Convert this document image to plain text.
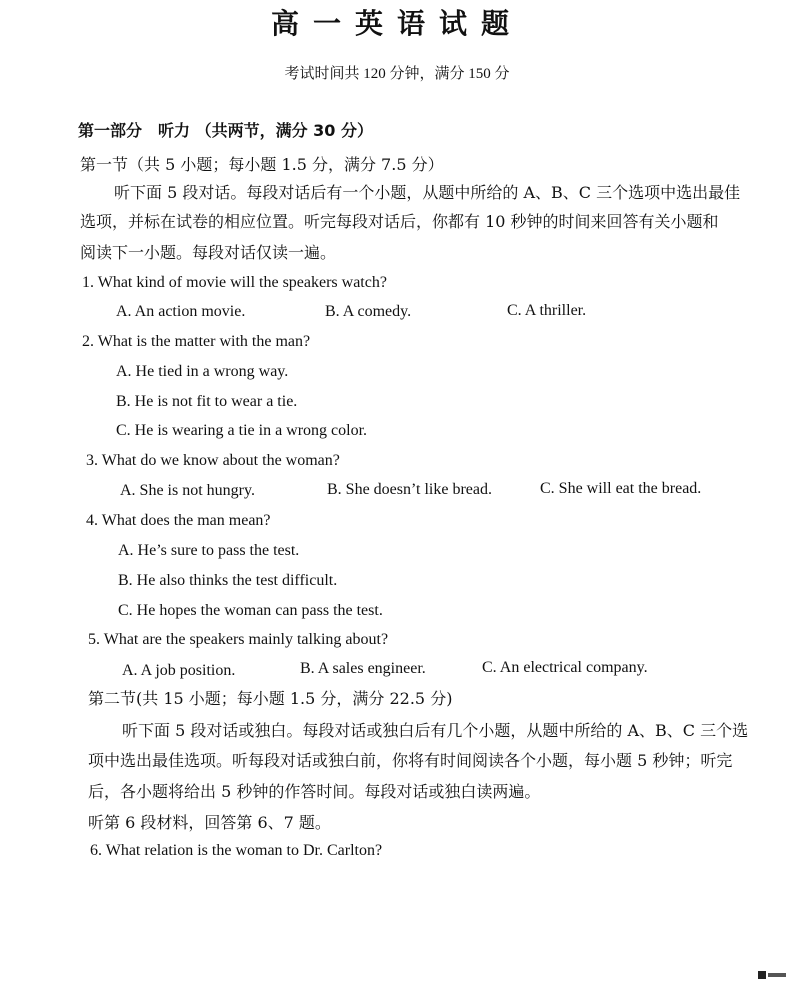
高一英语试题
考试时间共 120 分钟，满分 150 分
第一部分　听力 （共两节，满分 30 分）
第一节（共 5 小题；每小题 1.5 分，满分 7.5 分）
听下面 5 段对话。每段对话后有一个小题，从题中所给的 A、B、C 三个选项中选出最佳
选项，并标在试卷的相应位置。听完每段对话后，你都有 10 秒钟的时间来回答有关小题和
阅读下一小题。每段对话仅读一遍。
1. What kind of movie will the speakers watch?
A. An action movie.	B. A comedy.	C. A thriller.
2. What is the matter with the man?
A. He tied in a wrong way.
B. He is not fit to wear a tie.
C. He is wearing a tie in a wrong color.
3. What do we know about the woman?
A. She is not hungry.	B. She doesn’t like bread.	C. She will eat the bread.
4. What does the man mean?
A. He’s sure to pass the test.
B. He also thinks the test difficult.
C. He hopes the woman can pass the test.
5. What are the speakers mainly talking about?
A. A job position.	B. A sales engineer.	C. An electrical company.
第二节(共 15 小题；每小题 1.5 分，满分 22.5 分)
听下面 5 段对话或独白。每段对话或独白后有几个小题，从题中所给的 A、B、C 三个选
项中选出最佳选项。听每段对话或独白前，你将有时间阅读各个小题，每小题 5 秒钟；听完
后，各小题将给出 5 秒钟的作答时间。每段对话或独白读两遍。
听第 6 段材料，回答第 6、7 题。
6. What relation is the woman to Dr. Carlton?
